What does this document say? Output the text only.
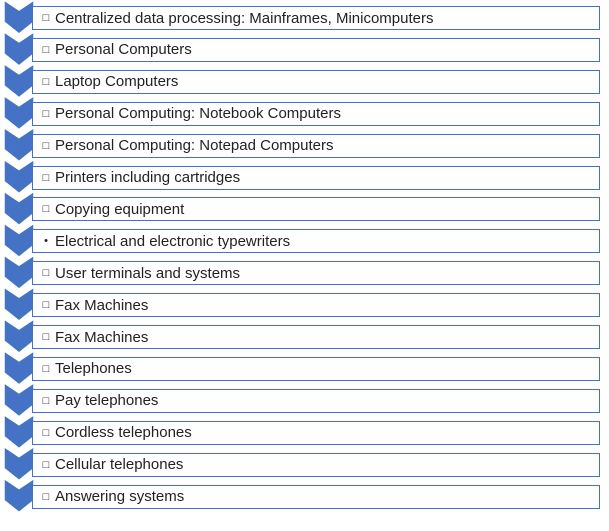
□ Centralized data processing: Mainframes, Minicomputers
□ Personal Computers
□ Laptop Computers
□ Personal Computing: Notebook Computers
□ Personal Computing: Notepad Computers
□ Printers including cartridges
□ Copying equipment
• Electrical and electronic typewriters
□ User terminals and systems
□ Fax Machines
□ Fax Machines
□ Telephones
□ Pay telephones
□ Cordless telephones
□ Cellular telephones
□ Answering systems
